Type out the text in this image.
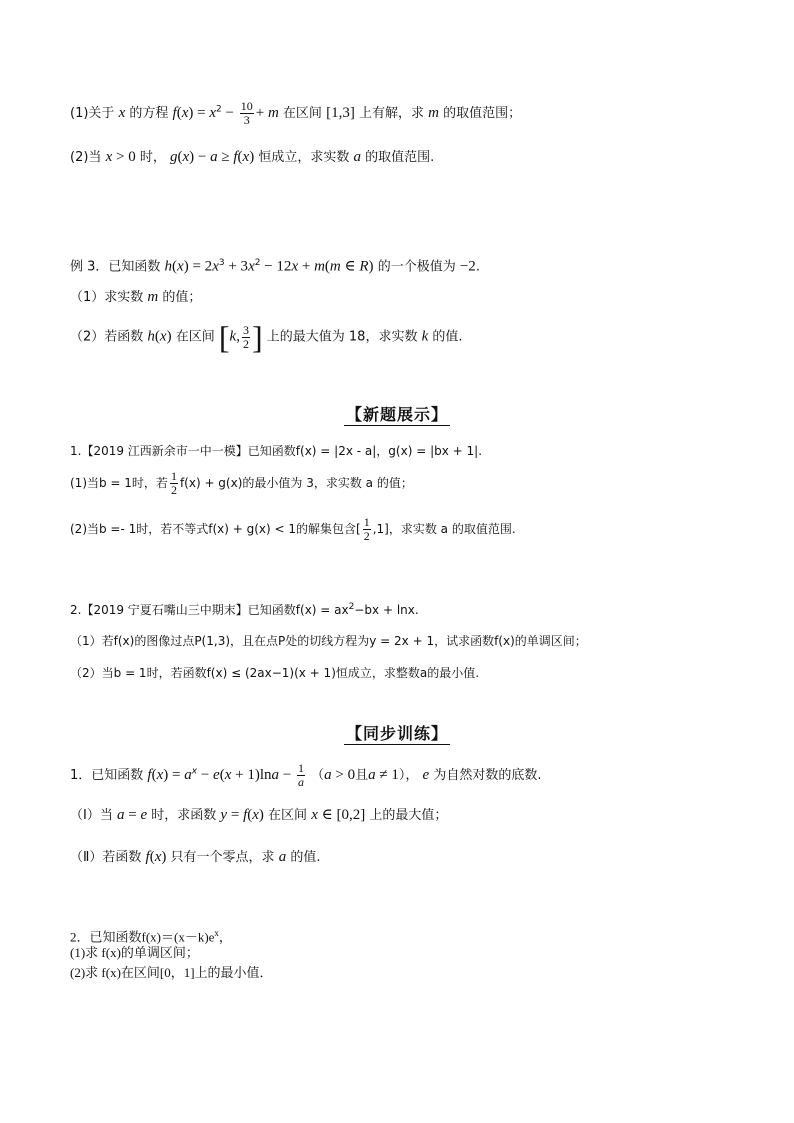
(1)关于 x 的方程 $f(x) = x^2 - \frac{10}{3} + m$ 在区间 [1,3] 上有解，求 m 的取值范围；
(2)当 x > 0 时， g(x) − a ≥ f(x) 恒成立，求实数 a 的取值范围.
例 3．已知函数 $h(x) = 2x^3 + 3x^2 - 12x + m(m$ ∈ R) 的一个极值为 −2.
（1）求实数 m 的值；
（2）若函数 h(x) 在区间 [k, $\frac{3}{2}$ ] 上的最大值为 18，求实数 k 的值.
【新题展示】
1.【2019 江西新余市一中一模】已知函数f(x) = |2x - a|，g(x) = |bx + 1|.
(1)当b = 1时，若 $\frac{1}{2} f(x) + g(x)$的最小值为 3，求实数 a 的值；
(2)当b =- 1时，若不等式f(x) + g(x) < 1的解集包含[ $\frac{1}{2} ,1$]，求实数 a 的取值范围.
2.【2019 宁夏石嘴山三中期末】已知函数$f(x) = ax^2-bx + \ln x$.
（1）若f(x)的图像过点P(1,3)，且在点P处的切线方程为y = 2x + 1，试求函数f(x)的单调区间；
（2）当b = 1时，若函数f(x) ≤ (2ax−1)(x + 1)恒成立，求整数a的最小值.
【同步训练】
1．已知函数 $f(x) = a^x - e(x + 1)\ln a - \frac{1}{a} (a > 0$且a ≠ 1）， e 为自然对数的底数.
（Ⅰ）当 a = e 时，求函数 y = f(x) 在区间 x ∈ [0,2] 上的最大值；
（Ⅱ）若函数 f(x) 只有一个零点，求 a 的值.
2．已知函数$f(x)=(x-k)e^x$，
(1)求 f(x)的单调区间；
(2)求 f(x)在区间[0，1]上的最小值．
